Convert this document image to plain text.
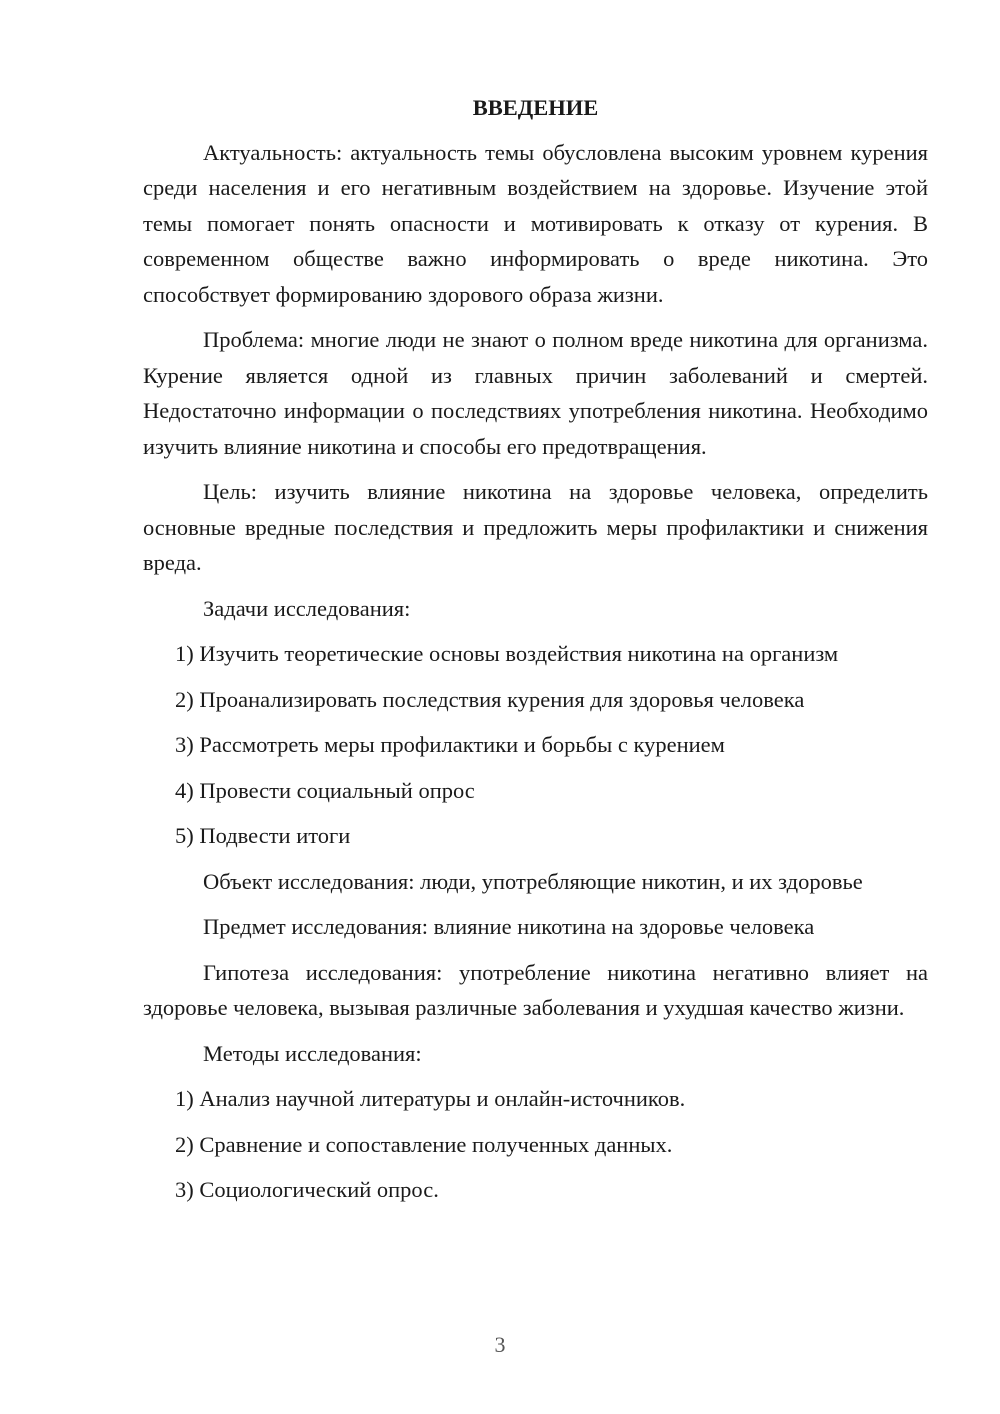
ВВЕДЕНИЕ

Актуальность: актуальность темы обусловлена высоким уровнем курения среди населения и его негативным воздействием на здоровье. Изучение этой темы помогает понять опасности и мотивировать к отказу от курения. В современном обществе важно информировать о вреде никотина. Это способствует формированию здорового образа жизни.

Проблема: многие люди не знают о полном вреде никотина для организма. Курение является одной из главных причин заболеваний и смертей. Недостаточно информации о последствиях употребления никотина. Необходимо изучить влияние никотина и способы его предотвращения.

Цель: изучить влияние никотина на здоровье человека, определить основные вредные последствия и предложить меры профилактики и снижения вреда.

Задачи исследования:

1) Изучить теоретические основы воздействия никотина на организм
2) Проанализировать последствия курения для здоровья человека
3) Рассмотреть меры профилактики и борьбы с курением
4) Провести социальный опрос
5) Подвести итоги

Объект исследования: люди, употребляющие никотин, и их здоровье

Предмет исследования: влияние никотина на здоровье человека

Гипотеза исследования: употребление никотина негативно влияет на здоровье человека, вызывая различные заболевания и ухудшая качество жизни.

Методы исследования:

1) Анализ научной литературы и онлайн-источников.
2) Сравнение и сопоставление полученных данных.
3) Социологический опрос.
3
